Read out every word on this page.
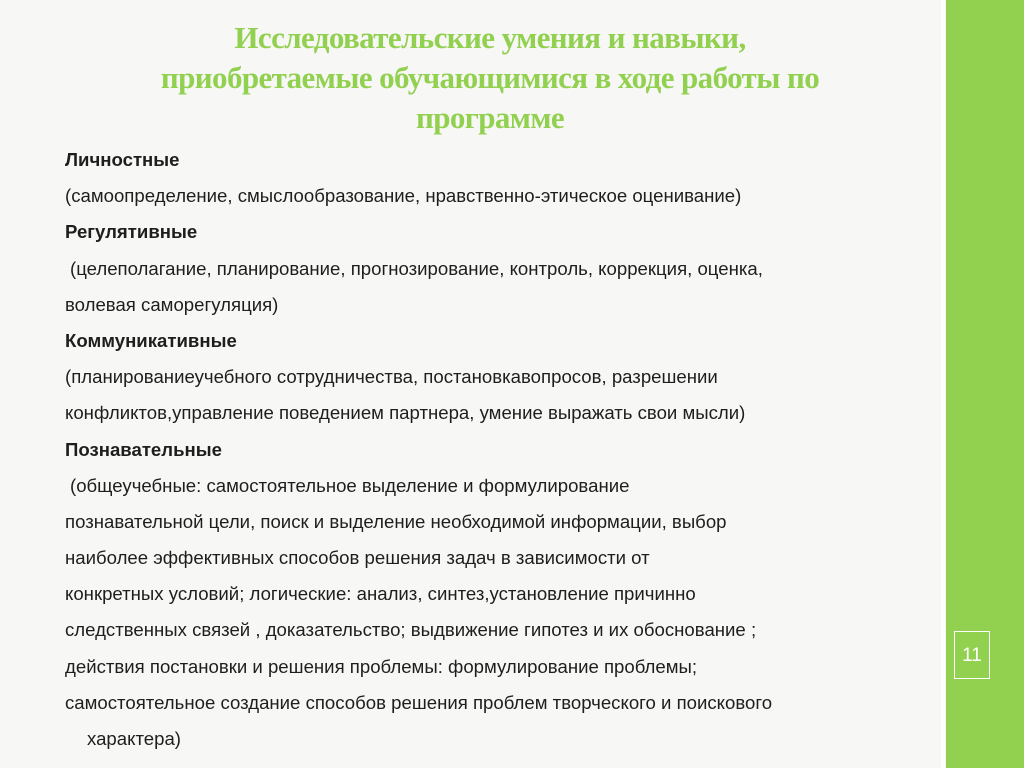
11
Исследовательские умения и навыки,
приобретаемые обучающимися в ходе работы по
программе
Личностные
(самоопределение, смыслообразование, нравственно-этическое оценивание)
Регулятивные
(целеполагание, планирование, прогнозирование, контроль, коррекция, оценка,
волевая саморегуляция)
Коммуникативные
(планированиеучебного сотрудничества, постановкавопросов, разрешении
конфликтов,управление поведением партнера, умение выражать свои мысли)
Познавательные
(общеучебные: самостоятельное выделение и формулирование
познавательной цели, поиск и выделение необходимой информации, выбор
наиболее эффективных способов решения задач в зависимости от
конкретных условий; логические: анализ, синтез,установление причинно
следственных связей , доказательство; выдвижение гипотез и их обоснование ;
действия постановки и решения проблемы: формулирование проблемы;
самостоятельное создание способов решения проблем творческого и поискового
характера)
